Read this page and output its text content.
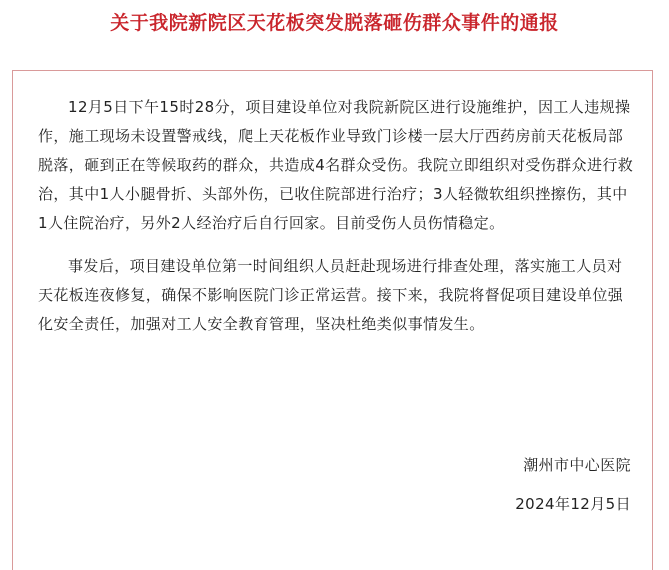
关于我院新院区天花板突发脱落砸伤群众事件的通报

12月5日下午15时28分，项目建设单位对我院新院区进行设施维护，因工人违规操作，施工现场未设置警戒线，爬上天花板作业导致门诊楼一层大厅西药房前天花板局部脱落，砸到正在等候取药的群众，共造成4名群众受伤。我院立即组织对受伤群众进行救治，其中1人小腿骨折、头部外伤，已收住院部进行治疗；3人轻微软组织挫擦伤，其中1人住院治疗，另外2人经治疗后自行回家。目前受伤人员伤情稳定。

事发后，项目建设单位第一时间组织人员赶赴现场进行排查处理，落实施工人员对天花板连夜修复，确保不影响医院门诊正常运营。接下来，我院将督促项目建设单位强化安全责任，加强对工人安全教育管理，坚决杜绝类似事情发生。

潮州市中心医院
2024年12月5日
